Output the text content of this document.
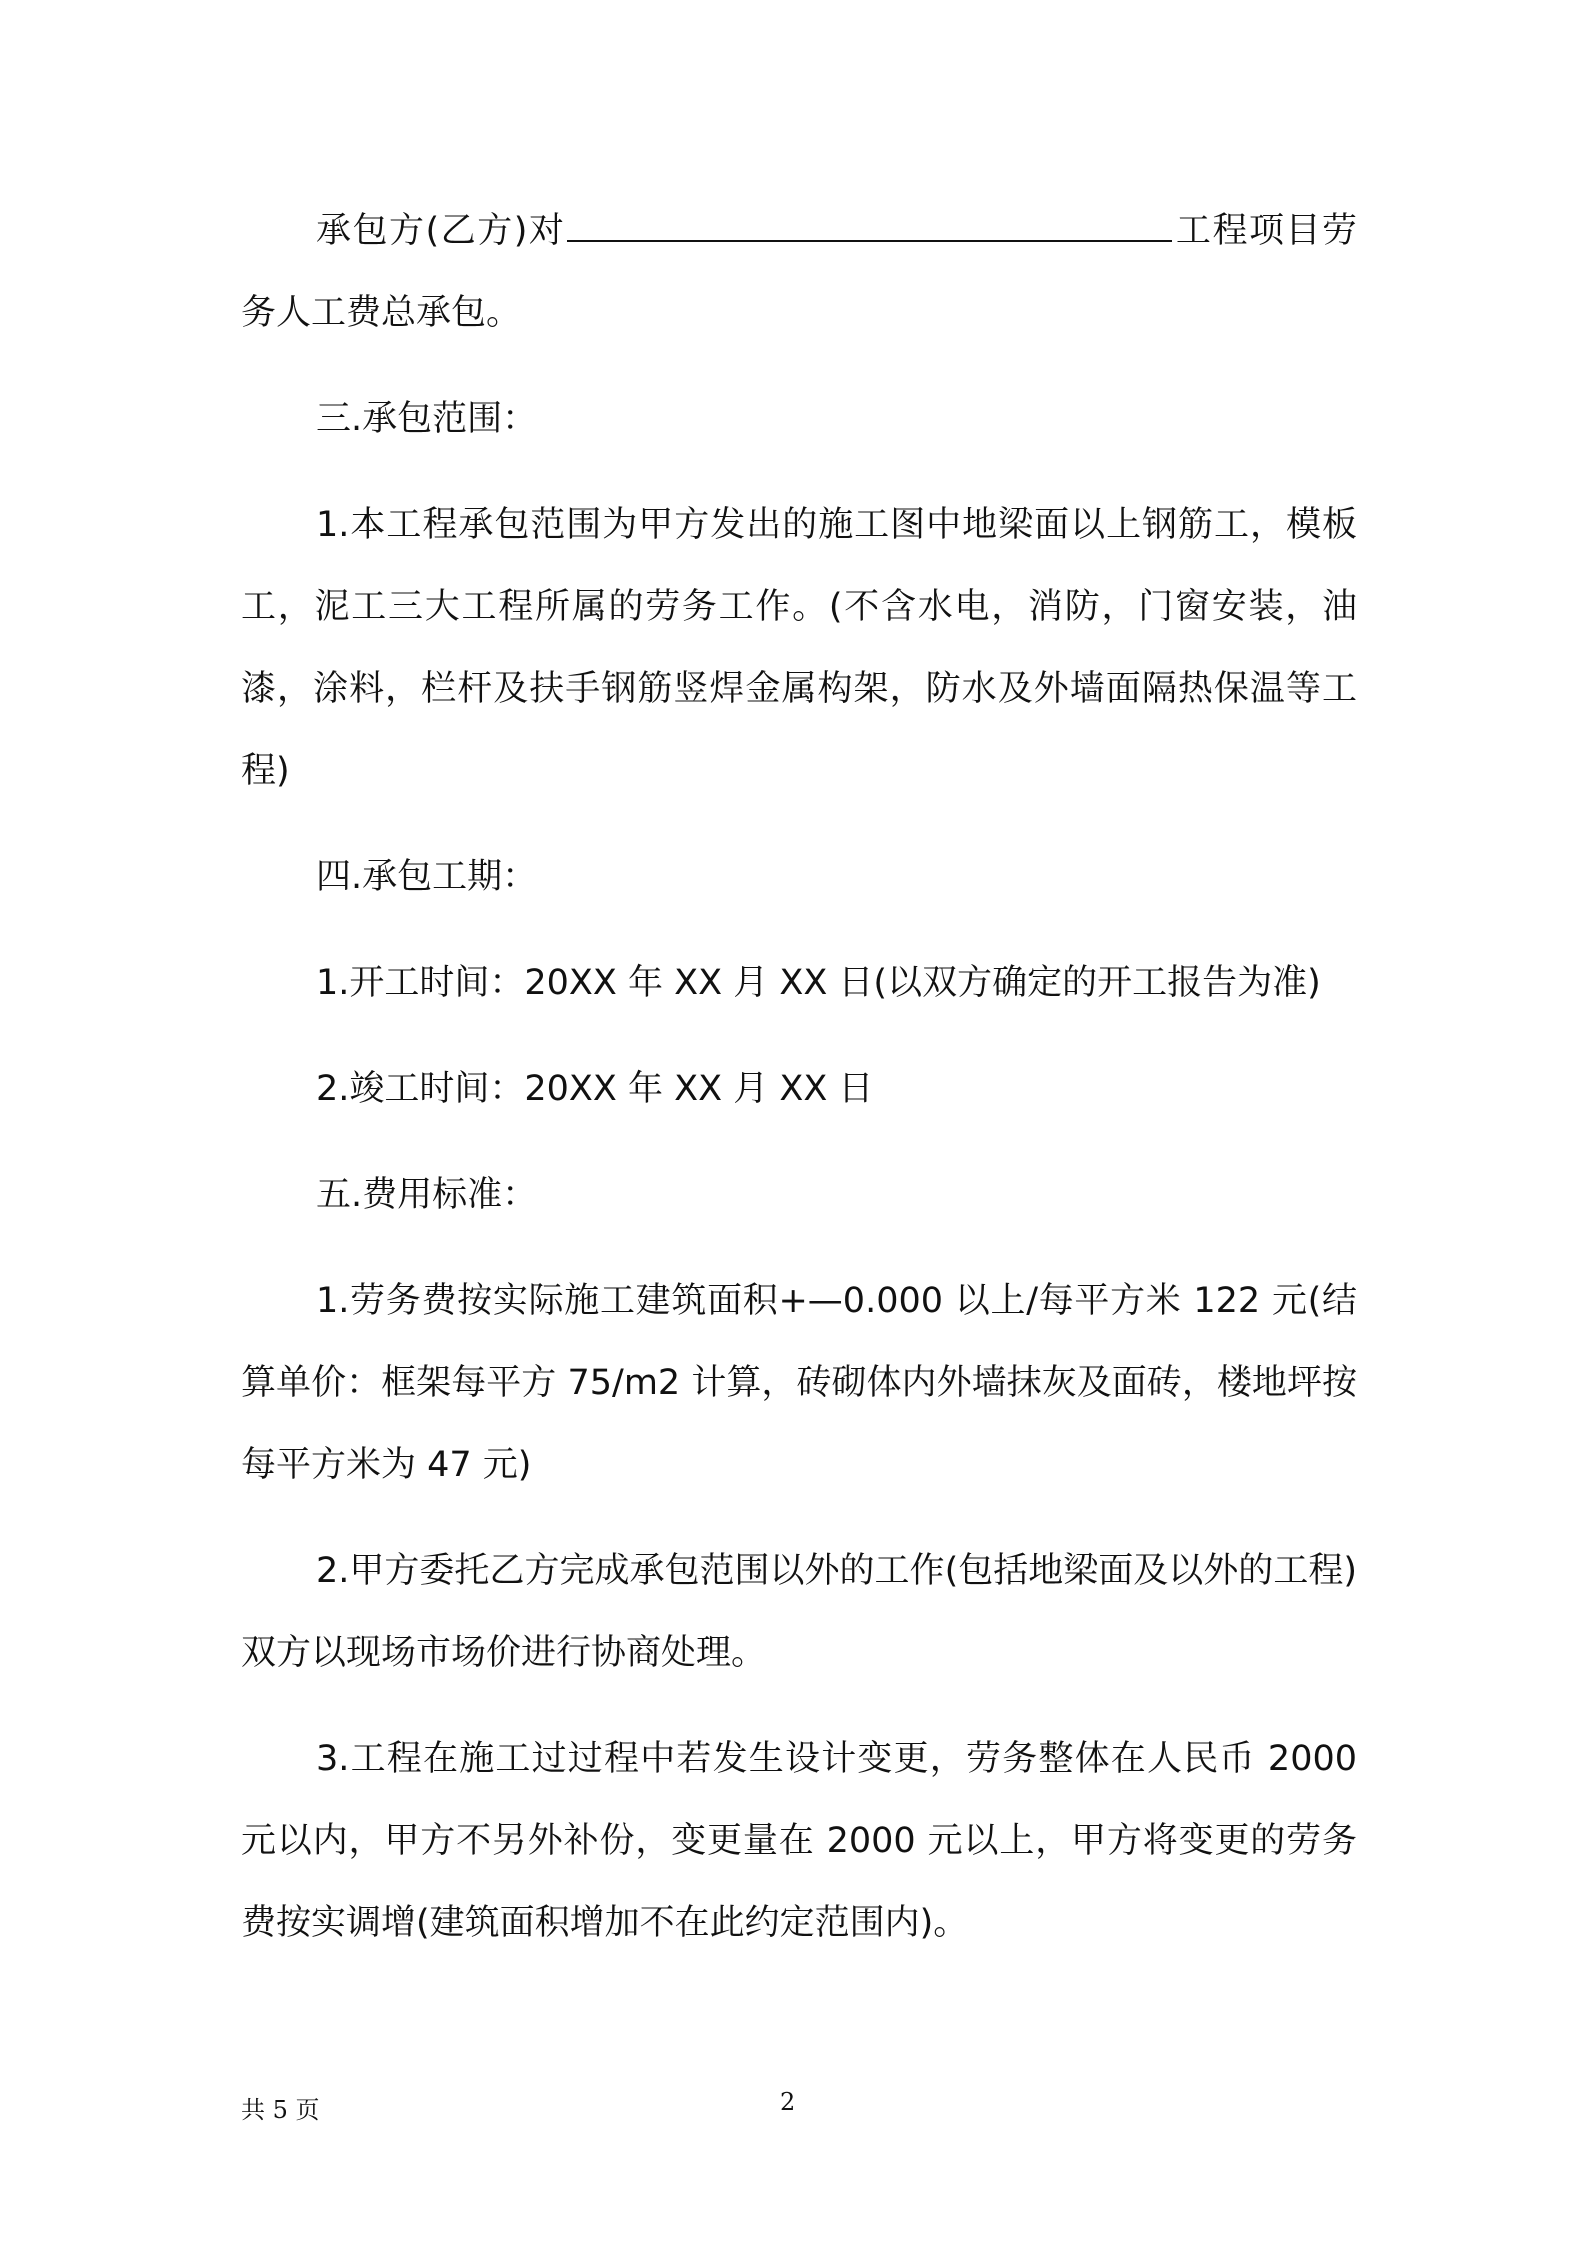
承包方(乙方)对	工程项目劳务人工费总承包。

三.承包范围：

1.本工程承包范围为甲方发出的施工图中地梁面以上钢筋工，模板工，泥工三大工程所属的劳务工作。(不含水电，消防，门窗安装，油漆，涂料，栏杆及扶手钢筋竖焊金属构架，防水及外墙面隔热保温等工程)

四.承包工期：

1.开工时间：20XX 年 XX 月 XX 日(以双方确定的开工报告为准)

2.竣工时间：20XX 年 XX 月 XX 日

五.费用标准：

1.劳务费按实际施工建筑面积+—0.000 以上/每平方米 122 元(结算单价：框架每平方 75/m2 计算，砖砌体内外墙抹灰及面砖，楼地坪按每平方米为 47 元)

2.甲方委托乙方完成承包范围以外的工作(包括地梁面及以外的工程)双方以现场市场价进行协商处理。

3.工程在施工过过程中若发生设计变更，劳务整体在人民币 2000 元以内，甲方不另外补份，变更量在 2000 元以上，甲方将变更的劳务费按实调增(建筑面积增加不在此约定范围内)。

共 5 页	2
